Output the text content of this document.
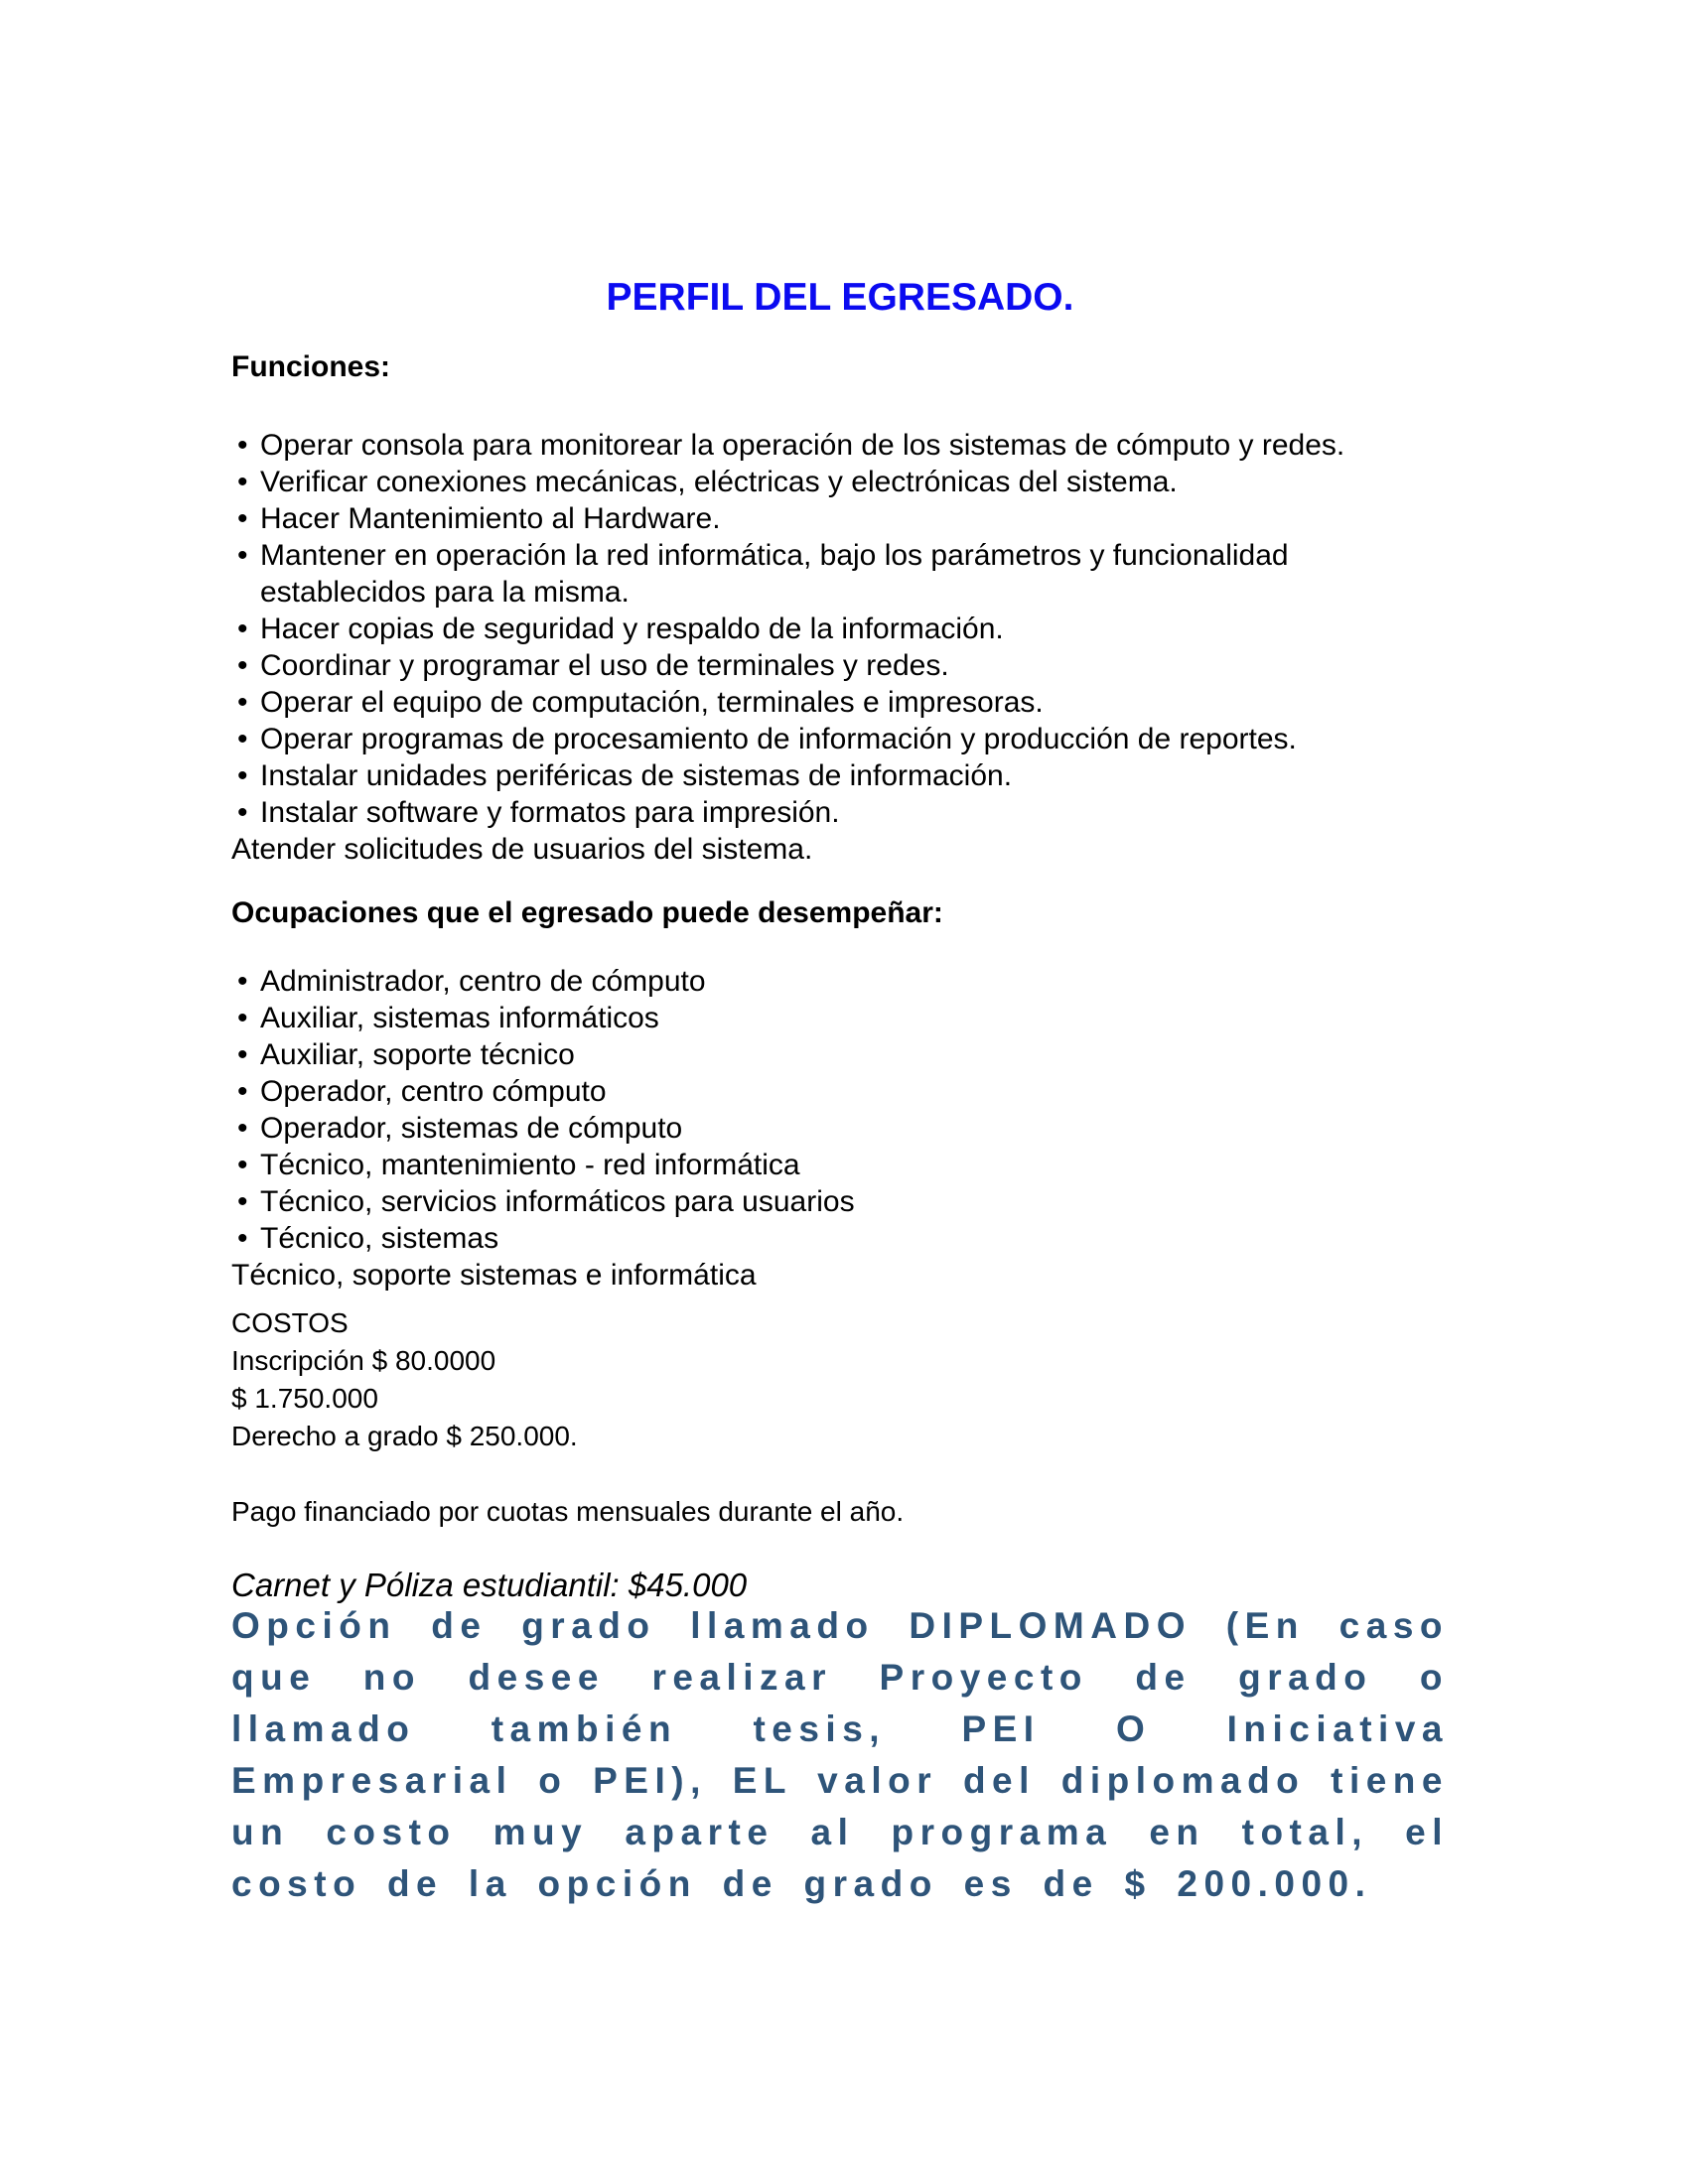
PERFIL DEL EGRESADO.
Funciones:
• Operar consola para monitorear la operación de los sistemas de cómputo y redes.
• Verificar conexiones mecánicas, eléctricas y electrónicas del sistema.
• Hacer Mantenimiento al Hardware.
• Mantener en operación la red informática, bajo los parámetros y funcionalidad establecidos para la misma.
• Hacer copias de seguridad y respaldo de la información.
• Coordinar y programar el uso de terminales y redes.
• Operar el equipo de computación, terminales e impresoras.
• Operar programas de procesamiento de información y producción de reportes.
• Instalar unidades periféricas de sistemas de información.
• Instalar software y formatos para impresión.
Atender solicitudes de usuarios del sistema.
Ocupaciones que el egresado puede desempeñar:
• Administrador, centro de cómputo
• Auxiliar, sistemas informáticos
• Auxiliar, soporte técnico
• Operador, centro cómputo
• Operador, sistemas de cómputo
• Técnico, mantenimiento - red informática
• Técnico, servicios informáticos para usuarios
• Técnico, sistemas
Técnico, soporte sistemas e informática
COSTOS
Inscripción $ 80.0000
$ 1.750.000
Derecho a grado $ 250.000.
Pago financiado por cuotas mensuales durante el año.
Carnet y Póliza estudiantil: $45.000
Opción de grado llamado DIPLOMADO (En caso que no desee realizar Proyecto de grado o llamado también tesis, PEI O Iniciativa Empresarial o PEI), EL valor del diplomado tiene un costo muy aparte al programa en total, el costo de la opción de grado es de $ 200.000.
